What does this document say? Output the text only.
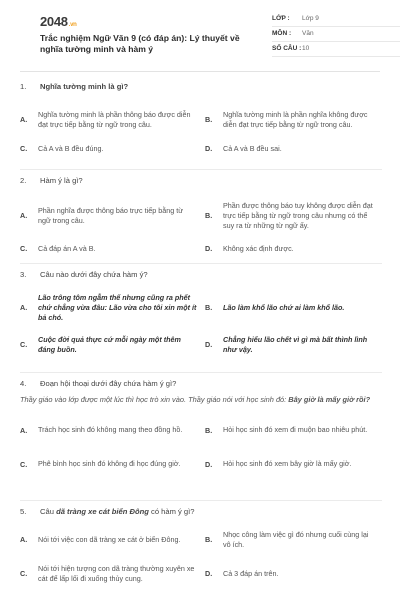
2048.vn
Trắc nghiệm Ngữ Văn 9 (có đáp án): Lý thuyết về nghĩa tường minh và hàm ý
LỚP :	Lớp 9
MÔN :	Văn
SỐ CÂU : 10
1.	Nghĩa tường minh là gì?
A.
Nghĩa tường minh là phần thông báo được diễn đạt trực tiếp bằng từ ngữ trong câu.
B.
Nghĩa tường minh là phần nghĩa không được diễn đạt trực tiếp bằng từ ngữ trong câu.
C.	Cả A và B đều đúng.	D.	Cả A và B đều sai.
2.	Hàm ý là gì?
A.
Phần nghĩa được thông báo trực tiếp bằng từ ngữ trong câu.
B.
Phần được thông báo tuy không được diễn đạt trực tiếp bằng từ ngữ trong câu nhưng có thể suy ra từ những từ ngữ ấy.
C.	Cả đáp án A và B.	D.	Không xác định được.
3.	Câu nào dưới đây chứa hàm ý?
A.
Lão trông tôm ngẫm thế nhưng cũng ra phết chứ chẳng vừa đâu: Lão vừa cho tôi xin một ít bả chó.
B.	Lão làm khổ lão chứ ai làm khổ lão.
C.
Cuộc đời quả thực cứ mỗi ngày một thêm đáng buồn.
D.
Chẳng hiểu lão chết vì gì mà bất thình lình như vậy.
4.	Đoạn hội thoại dưới đây chứa hàm ý gì?
Thầy giáo vào lớp được một lúc thì học trò xin vào. Thầy giáo nói với học sinh đó: Bây giờ là mấy giờ rồi?
A.	Trách học sinh đó không mang theo đồng hồ.	B.	Hỏi học sinh đó xem đi muộn bao nhiêu phút.
C.	Phê bình học sinh đó không đi học đúng giờ.	D.	Hỏi học sinh đó xem bây giờ là mấy giờ.
5.	Câu dã tràng xe cát biển Đông có hàm ý gì?
A.	Nói tới việc con dã tràng xe cát ở biển Đông.	B.
Nhọc công làm việc gì đó nhưng cuối cùng lại vô ích.
C.
Nói tới hiện tượng con dã tràng thường xuyên xe cát để lấp lối đi xuống thủy cung.
D.	Cả 3 đáp án trên.
